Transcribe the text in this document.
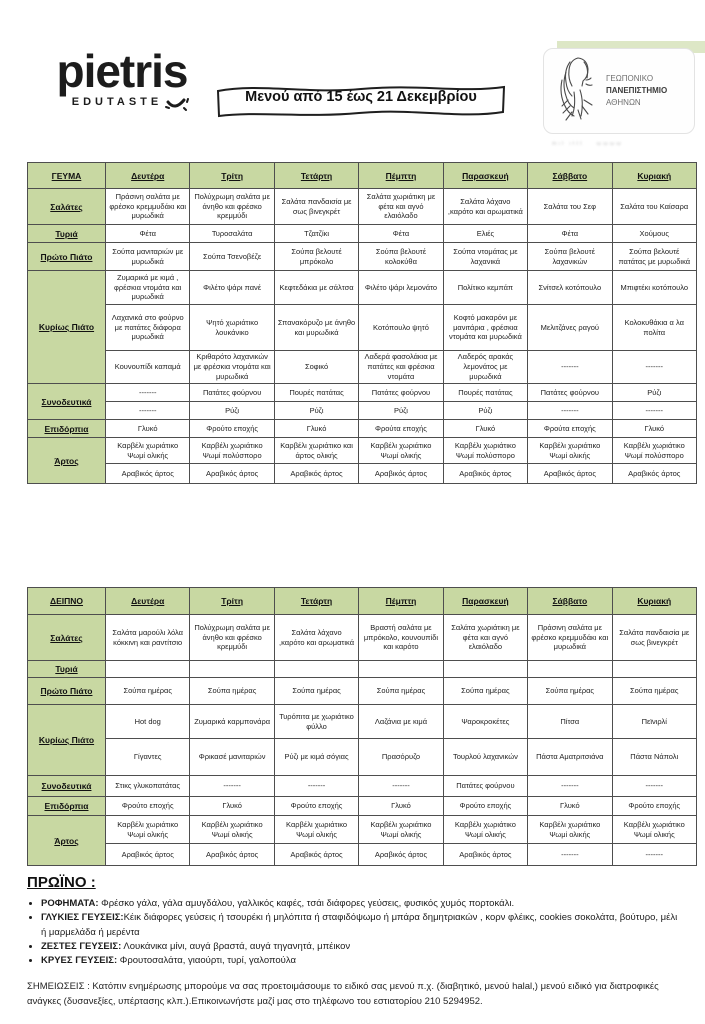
pietris
EDUTASTE	Μενού από 15 έως 21 Δεκεμβρίου
ΓΕΩΠΟΝΙΚΟ
ΠΑΝΕΠΙΣΤΗΜΙΟ
ΑΘΗΝΩΝ
ᵐᶦˡ ᶦᵗᵗᵗ   ᵚᵚᵚᵚ
ΓΕΥΜΑ	Δευτέρα	Τρίτη	Τετάρτη	Πέμπτη	Παρασκευή	Σάββατο	Κυριακή
Σαλάτες	Πράσινη σαλάτα με φρέσκο κρεμμυδάκι και μυρωδικά	Πολύχρωμη σαλάτα με άνηθο και φρέσκο κρεμμύδι	Σαλάτα πανδαισία με σως βινεγκρέτ	Σαλάτα χωριάτικη με φέτα και αγνό ελαιόλαδο	Σαλάτα λάχανο ,καρότο και αρωματικά	Σαλάτα του Σεφ	Σαλάτα του Καίσαρα
Τυριά	Φέτα	Τυροσαλάτα	Τζατζίκι	Φέτα	Ελιές	Φέτα	Χούμους
Πρώτο Πιάτο	Σούπα μανιταριών με μυρωδικά	Σούπα Τσενοβέζε	Σούπα βελουτέ μπρόκολο	Σούπα βελουτέ κολοκύθα	Σούπα ντομάτας με λαχανικά	Σούπα βελουτέ λαχανικών	Σούπα βελουτέ πατάτας με μυρωδικά
Κυρίως Πιάτο	Ζυμαρικά με κιμά , φρέσκια ντομάτα και μυρωδικά	Φιλέτο ψάρι πανέ	Κεφτεδάκια με σάλτσα	Φιλέτο ψάρι λεμονάτο	Πολίτικο κεμπάπ	Σνίτσελ κοτόπουλο	Μπιφτέκι κοτόπουλο
	Λαχανικά στο φούρνο με πατάτες διάφορα μυρωδικά	Ψητό χωριάτικο λουκάνικο	Σπανακόρυζο με άνηθο και μυρωδικά	Κοτόπουλο ψητό	Κοφτό μακαρόνι με μανιτάρια , φρέσκια ντομάτα και μυρωδικά	Μελιτζάνες ραγού	Κολοκυθάκια α λα πολίτα
	Κουνουπίδι καπαμά	Κριθαρότο λαχανικών με φρέσκια ντομάτα και μυρωδικά	Σοφικό	Λαδερά φασολάκια με πατάτες και φρέσκια ντομάτα	Λαδερός αρακάς λεμονάτος με μυρωδικά	-------	-------
Συνοδευτικά	-------	Πατάτες φούρνου	Πουρές πατάτας	Πατάτες φούρνου	Πουρές πατάτας	Πατάτες φούρνου	Ρύζι
	-------	Ρύζι	Ρύζι	Ρύζι	Ρύζι	-------	-------
Επιδόρπια	Γλυκό	Φρούτο εποχής	Γλυκό	Φρούτα εποχής	Γλυκό	Φρούτα εποχής	Γλυκό
Άρτος	Καρβέλι χωριάτικο Ψωμί ολικής	Καρβέλι χωριάτικο Ψωμί πολύσπορο	Καρβέλι χωριάτικο και άρτος ολικής	Καρβέλι χωριάτικο Ψωμί ολικής	Καρβέλι χωριάτικο Ψωμί πολύσπορο	Καρβέλι χωριάτικο Ψωμί ολικής	Καρβέλι χωριάτικο Ψωμί πολύσπορο
	Αραβικός άρτος	Αραβικός άρτος	Αραβικός άρτος	Αραβικός άρτος	Αραβικός άρτος	Αραβικός άρτος	Αραβικός άρτος
ΔΕΙΠΝΟ	Δευτέρα	Τρίτη	Τετάρτη	Πέμπτη	Παρασκευή	Σάββατο	Κυριακή
Σαλάτες	Σαλάτα μαρούλι λόλα κόκκινη και ραντίτσιο	Πολύχρωμη σαλάτα με άνηθο και φρέσκο κρεμμύδι	Σαλάτα λάχανο ,καρότο και αρωματικά	Βραστή σαλάτα με μπρόκολο, κουνουπίδι και καρότο	Σαλάτα χωριάτικη με φέτα και αγνό ελαιόλαδο	Πράσινη σαλάτα με φρέσκο κρεμμυδάκι και μυρωδικά	Σαλάτα πανδαισία με σως βινεγκρέτ
Τυριά							
Πρώτο Πιάτο	Σούπα ημέρας	Σούπα ημέρας	Σούπα ημέρας	Σούπα ημέρας	Σούπα ημέρας	Σούπα ημέρας	Σούπα ημέρας
Κυρίως Πιάτο	Hot dog	Ζυμαρικά καρμπονάρα	Τυρόπιτα με χωριάτικο φύλλο	Λαζάνια με κιμά	Ψαροκροκέτες	Πίτσα	Πεϊνιρλί
	Γίγαντες	Φρικασέ μανιταριών	Ρύζι με κιμά σόγιας	Πρασόρυζο	Τουρλού λαχανικών	Πάστα Αματριτσιάνα	Πάστα Νάπολι
Συνοδευτικά	Στικς γλυκοπατάτας	-------	-------	-------	Πατάτες φούρνου	-------	-------
Επιδόρπια	Φρούτο εποχής	Γλυκό	Φρούτο εποχής	Γλυκό	Φρούτο εποχής	Γλυκό	Φρούτο εποχής
Άρτος	Καρβέλι χωριάτικο Ψωμί ολικής	Καρβέλι χωριάτικο Ψωμί ολικής	Καρβέλι χωριάτικο Ψωμί ολικής	Καρβέλι χωριάτικο Ψωμί ολικής	Καρβέλι χωριάτικο Ψωμί ολικής	Καρβέλι χωριάτικο Ψωμί ολικής	Καρβέλι χωριάτικο Ψωμί ολικής
	Αραβικός άρτος	Αραβικός άρτος	Αραβικός άρτος	Αραβικός άρτος	Αραβικός άρτος	-------	-------

ΠΡΩΪΝΟ :

• ΡΟΦΗΜΑΤΑ: Φρέσκο γάλα, γάλα αμυγδάλου, γαλλικός καφές, τσάι διάφορες γεύσεις, φυσικός χυμός πορτοκάλι.
• ΓΛΥΚΙΕΣ ΓΕΥΣΕΙΣ:Κέικ διάφορες γεύσεις ή τσουρέκι ή μηλόπιτα ή σταφιδόψωμο ή μπάρα δημητριακών , κορν φλέικς, cookies σοκολάτα, βούτυρο, μέλι ή μαρμελάδα ή μερέντα
• ΖΕΣΤΕΣ ΓΕΥΣΕΙΣ: Λουκάνικα μίνι, αυγά βραστά, αυγά τηγανητά, μπέικον
• ΚΡΥΕΣ ΓΕΥΣΕΙΣ: Φρουτοσαλάτα, γιαούρτι, τυρί, γαλοπούλα

ΣΗΜΕΙΩΣΕΙΣ : Κατόπιν ενημέρωσης μπορούμε να σας προετοιμάσουμε το ειδικό σας μενού π.χ. (διαβητικό, μενού halal,) μενού ειδικό για διατροφικές ανάγκες (δυσανεξίες, υπέρτασης κλπ.).Επικοινωνήστε μαζί μας στο τηλέφωνο του εστιατορίου 210 5294952.
